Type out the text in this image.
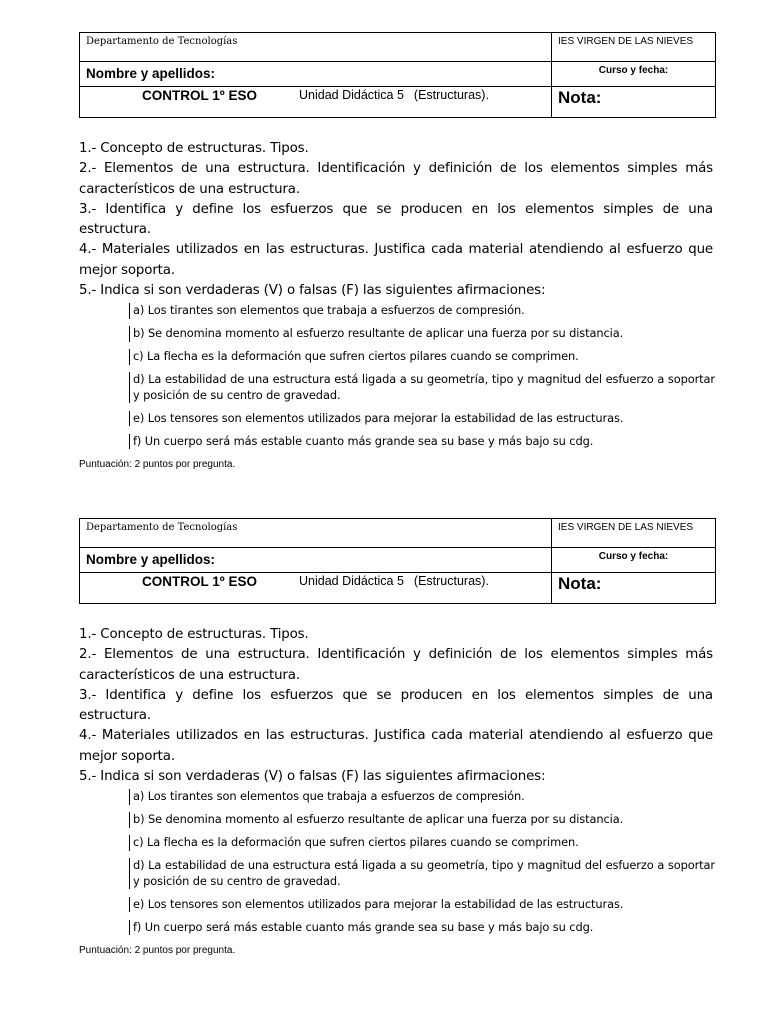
Departamento de Tecnologías	IES VIRGEN DE LAS NIEVES

Nombre y apellidos:	Curso y fecha:

CONTROL 1º ESO Unidad Didáctica 5 (Estructuras).	Nota:
1.- Concepto de estructuras. Tipos.
2.- Elementos de una estructura. Identificación y definición de los elementos simples más característicos de una estructura.
3.- Identifica y define los esfuerzos que se producen en los elementos simples de una estructura.
4.- Materiales utilizados en las estructuras. Justifica cada material atendiendo al esfuerzo que mejor soporta.
5.- Indica si son verdaderas (V) o falsas (F) las siguientes afirmaciones:
a) Los tirantes son elementos que trabaja a esfuerzos de compresión.
b) Se denomina momento al esfuerzo resultante de aplicar una fuerza por su distancia.
c) La flecha es la deformación que sufren ciertos pilares cuando se comprimen.
d) La estabilidad de una estructura está ligada a su geometría, tipo y magnitud del esfuerzo a soportar y posición de su centro de gravedad.
e) Los tensores son elementos utilizados para mejorar la estabilidad de las estructuras.
f) Un cuerpo será más estable cuanto más grande sea su base y más bajo su cdg.
Puntuación: 2 puntos por pregunta.
Departamento de Tecnologías	IES VIRGEN DE LAS NIEVES

Nombre y apellidos:	Curso y fecha:

CONTROL 1º ESO Unidad Didáctica 5 (Estructuras).	Nota:
1.- Concepto de estructuras. Tipos.
2.- Elementos de una estructura. Identificación y definición de los elementos simples más característicos de una estructura.
3.- Identifica y define los esfuerzos que se producen en los elementos simples de una estructura.
4.- Materiales utilizados en las estructuras. Justifica cada material atendiendo al esfuerzo que mejor soporta.
5.- Indica si son verdaderas (V) o falsas (F) las siguientes afirmaciones:
a) Los tirantes son elementos que trabaja a esfuerzos de compresión.
b) Se denomina momento al esfuerzo resultante de aplicar una fuerza por su distancia.
c) La flecha es la deformación que sufren ciertos pilares cuando se comprimen.
d) La estabilidad de una estructura está ligada a su geometría, tipo y magnitud del esfuerzo a soportar y posición de su centro de gravedad.
e) Los tensores son elementos utilizados para mejorar la estabilidad de las estructuras.
f) Un cuerpo será más estable cuanto más grande sea su base y más bajo su cdg.
Puntuación: 2 puntos por pregunta.
